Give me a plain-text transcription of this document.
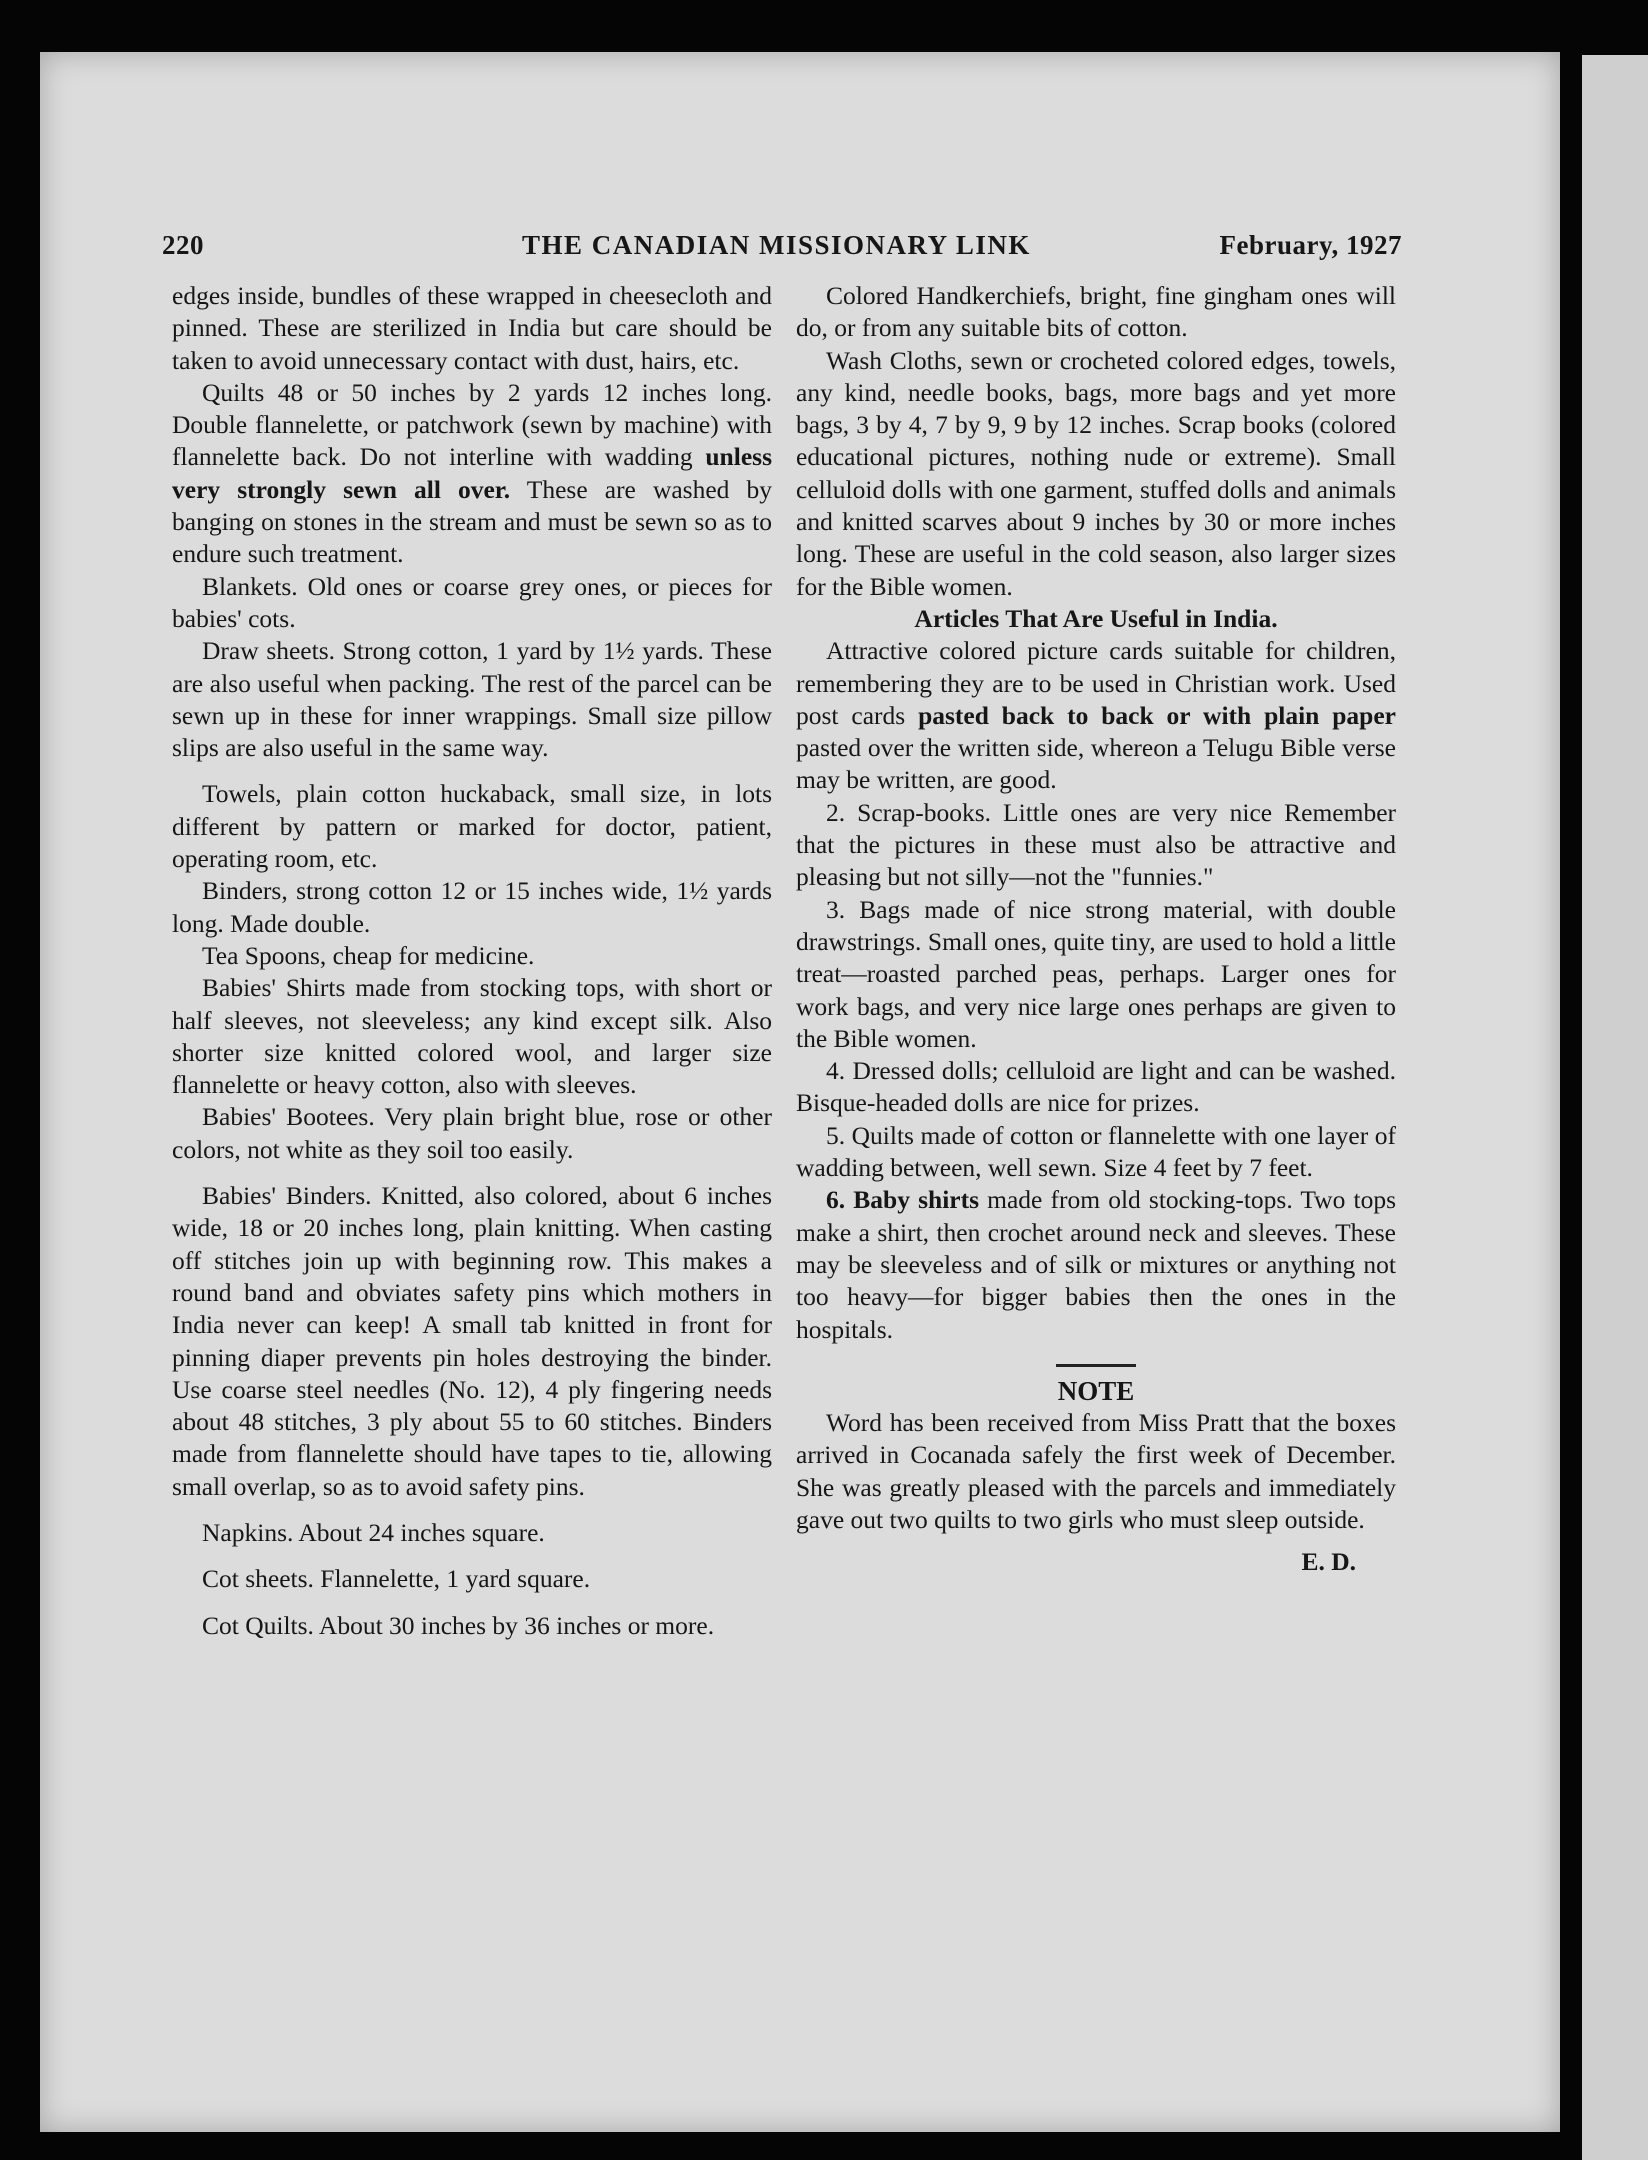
220	THE CANADIAN MISSIONARY LINK	February, 1927

edges inside, bundles of these wrapped in cheesecloth and pinned. These are sterilized in India but care should be taken to avoid unnecessary contact with dust, hairs, etc.

Quilts 48 or 50 inches by 2 yards 12 inches long. Double flannelette, or patchwork (sewn by machine) with flannelette back. Do not interline with wadding unless very strongly sewn all over. These are washed by banging on stones in the stream and must be sewn so as to endure such treatment.

Blankets. Old ones or coarse grey ones, or pieces for babies' cots.

Draw sheets. Strong cotton, 1 yard by 1½ yards. These are also useful when packing. The rest of the parcel can be sewn up in these for inner wrappings. Small size pillow slips are also useful in the same way.

Towels, plain cotton huckaback, small size, in lots different by pattern or marked for doctor, patient, operating room, etc.

Binders, strong cotton 12 or 15 inches wide, 1½ yards long. Made double.

Tea Spoons, cheap for medicine.

Babies' Shirts made from stocking tops, with short or half sleeves, not sleeveless; any kind except silk. Also shorter size knitted colored wool, and larger size flannelette or heavy cotton, also with sleeves.

Babies' Bootees. Very plain bright blue, rose or other colors, not white as they soil too easily.

Babies' Binders. Knitted, also colored, about 6 inches wide, 18 or 20 inches long, plain knitting. When casting off stitches join up with beginning row. This makes a round band and obviates safety pins which mothers in India never can keep! A small tab knitted in front for pinning diaper prevents pin holes destroying the binder. Use coarse steel needles (No. 12), 4 ply fingering needs about 48 stitches, 3 ply about 55 to 60 stitches. Binders made from flannelette should have tapes to tie, allowing small overlap, so as to avoid safety pins.

Napkins. About 24 inches square.

Cot sheets. Flannelette, 1 yard square.

Cot Quilts. About 30 inches by 36 inches or more.

Colored Handkerchiefs, bright, fine gingham ones will do, or from any suitable bits of cotton.

Wash Cloths, sewn or crocheted colored edges, towels, any kind, needle books, bags, more bags and yet more bags, 3 by 4, 7 by 9, 9 by 12 inches. Scrap books (colored educational pictures, nothing nude or extreme). Small celluloid dolls with one garment, stuffed dolls and animals and knitted scarves about 9 inches by 30 or more inches long. These are useful in the cold season, also larger sizes for the Bible women.

Articles That Are Useful in India.

Attractive colored picture cards suitable for children, remembering they are to be used in Christian work. Used post cards pasted back to back or with plain paper pasted over the written side, whereon a Telugu Bible verse may be written, are good.

2. Scrap-books. Little ones are very nice Remember that the pictures in these must also be attractive and pleasing but not silly—not the "funnies."

3. Bags made of nice strong material, with double drawstrings. Small ones, quite tiny, are used to hold a little treat—roasted parched peas, perhaps. Larger ones for work bags, and very nice large ones perhaps are given to the Bible women.

4. Dressed dolls; celluloid are light and can be washed. Bisque-headed dolls are nice for prizes.

5. Quilts made of cotton or flannelette with one layer of wadding between, well sewn. Size 4 feet by 7 feet.

6. Baby shirts made from old stocking-tops. Two tops make a shirt, then crochet around neck and sleeves. These may be sleeveless and of silk or mixtures or anything not too heavy—for bigger babies then the ones in the hospitals.

NOTE

Word has been received from Miss Pratt that the boxes arrived in Cocanada safely the first week of December. She was greatly pleased with the parcels and immediately gave out two quilts to two girls who must sleep outside.

E. D.
